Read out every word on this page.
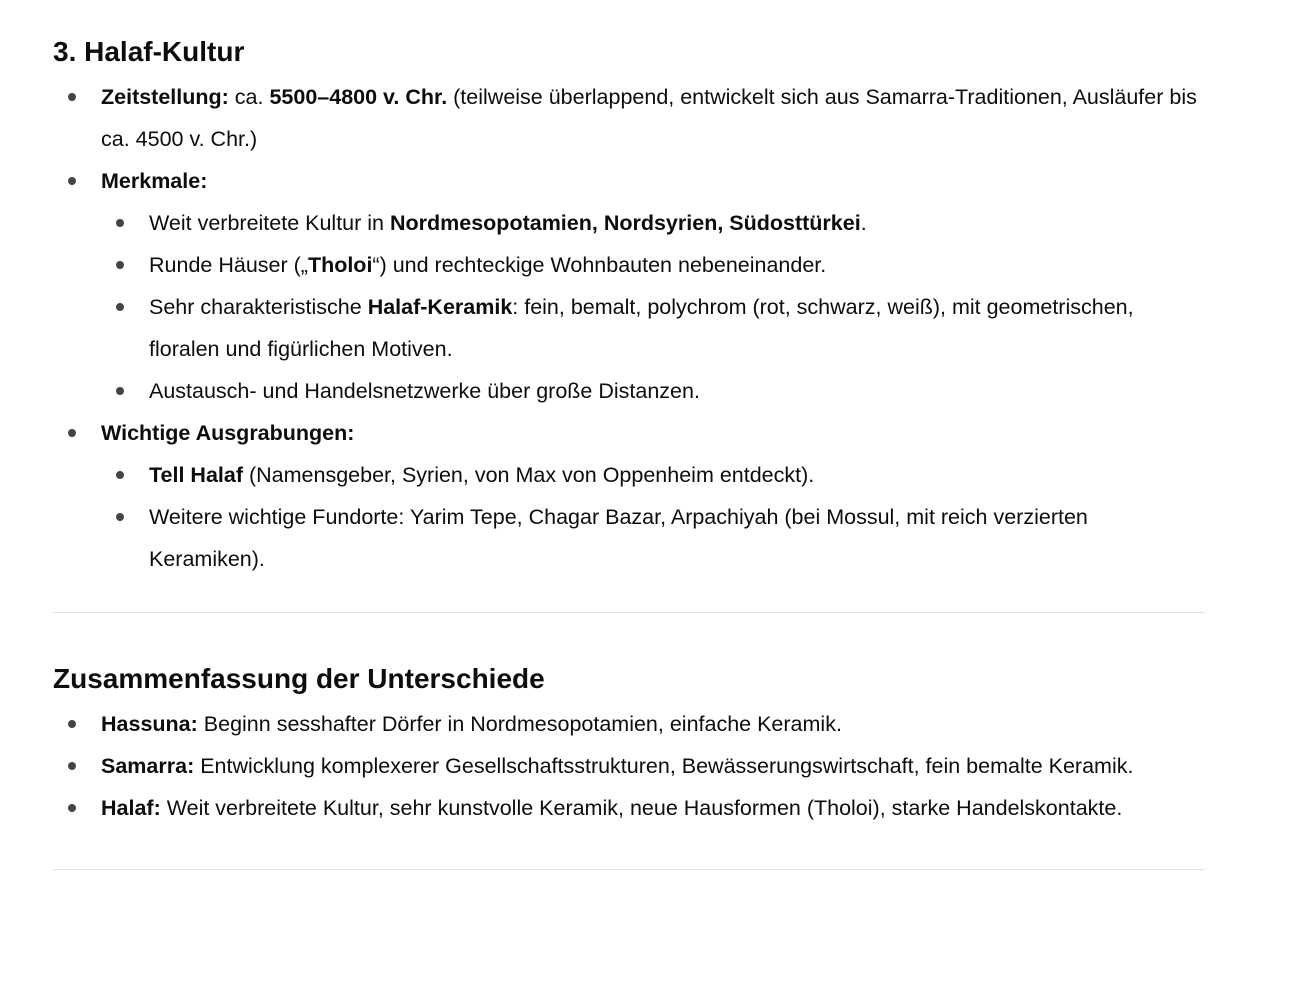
3. Halaf-Kultur
Zeitstellung: ca. 5500–4800 v. Chr. (teilweise überlappend, entwickelt sich aus Samarra-Traditionen, Ausläufer bis ca. 4500 v. Chr.)
Merkmale:
Weit verbreitete Kultur in Nordmesopotamien, Nordsyrien, Südosttürkei.
Runde Häuser („Tholoi“) und rechteckige Wohnbauten nebeneinander.
Sehr charakteristische Halaf-Keramik: fein, bemalt, polychrom (rot, schwarz, weiß), mit geometrischen, floralen und figürlichen Motiven.
Austausch- und Handelsnetzwerke über große Distanzen.
Wichtige Ausgrabungen:
Tell Halaf (Namensgeber, Syrien, von Max von Oppenheim entdeckt).
Weitere wichtige Fundorte: Yarim Tepe, Chagar Bazar, Arpachiyah (bei Mossul, mit reich verzierten Keramiken).
Zusammenfassung der Unterschiede
Hassuna: Beginn sesshafter Dörfer in Nordmesopotamien, einfache Keramik.
Samarra: Entwicklung komplexerer Gesellschaftsstrukturen, Bewässerungswirtschaft, fein bemalte Keramik.
Halaf: Weit verbreitete Kultur, sehr kunstvolle Keramik, neue Hausformen (Tholoi), starke Handelskontakte.
